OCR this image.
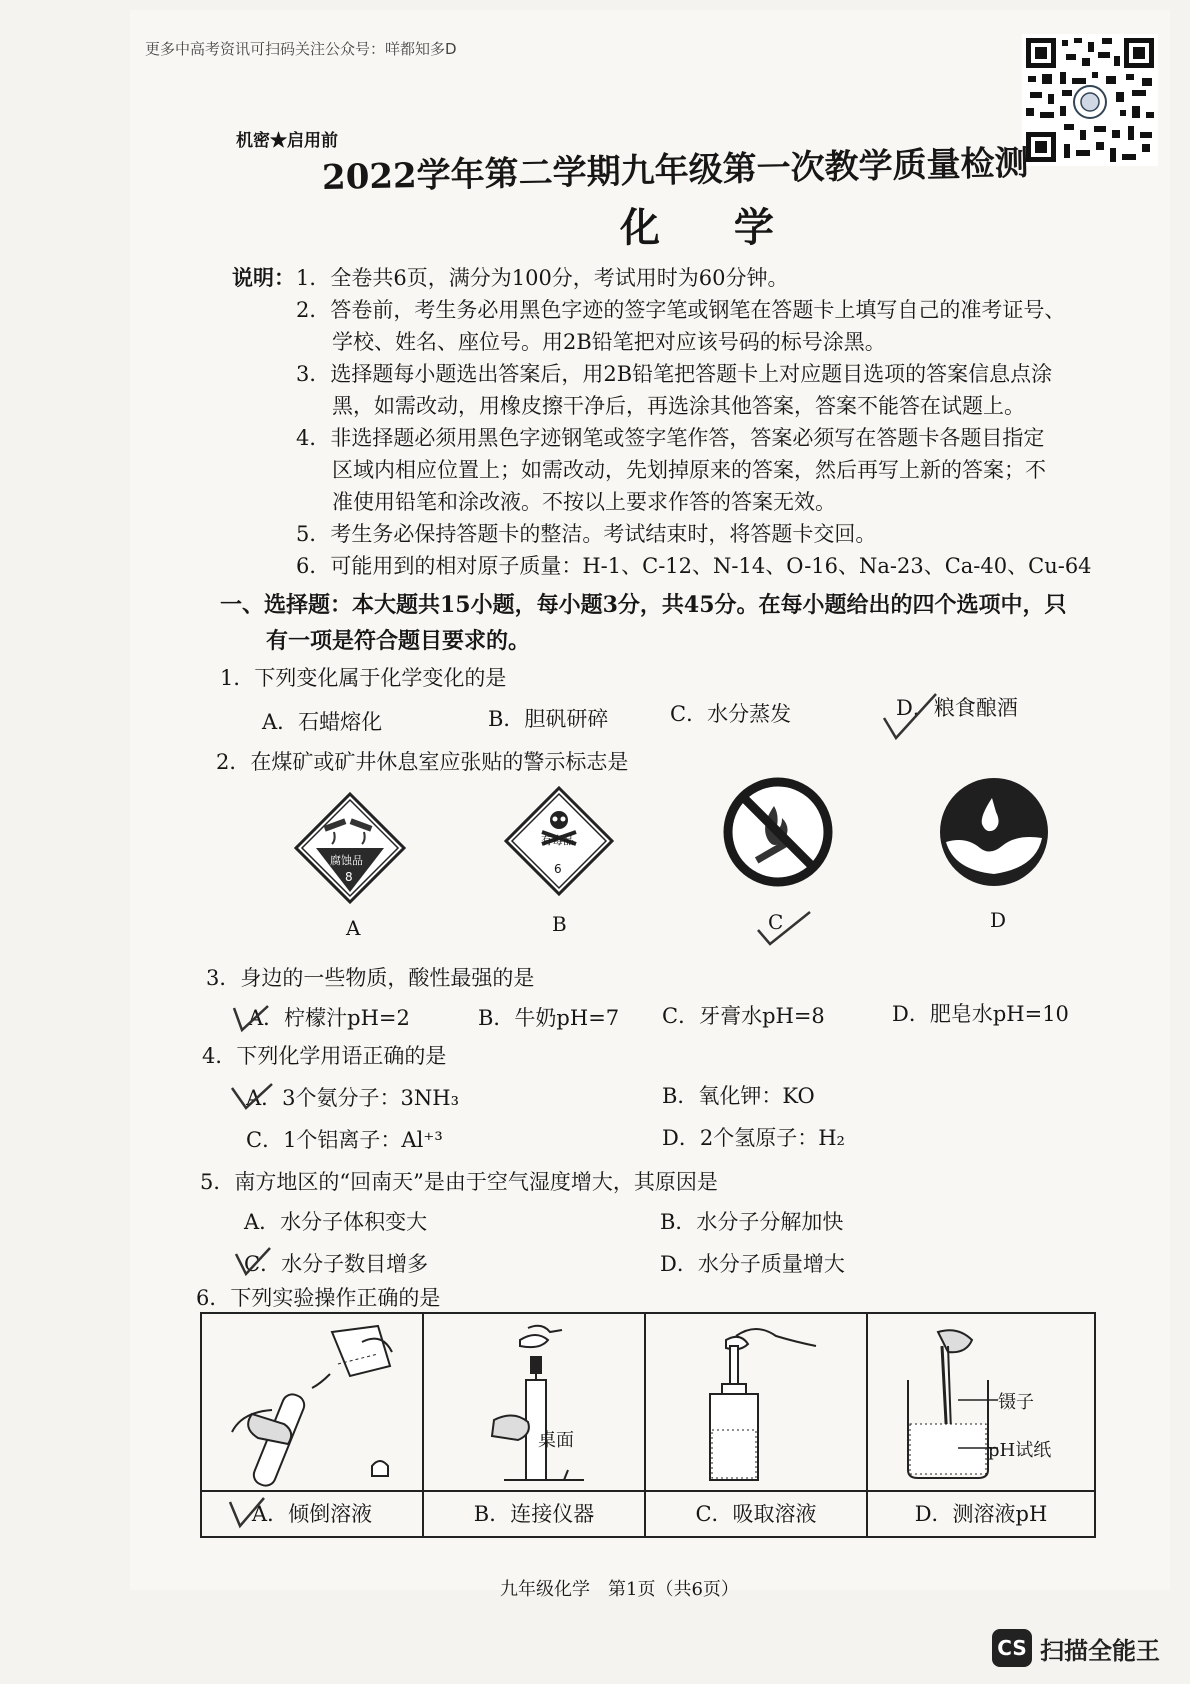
更多中高考资讯可扫码关注公众号：咩都知多D
机密★启用前
2022学年第二学期九年级第一次教学质量检测
化 学
说明： 1．全卷共6页，满分为100分，考试用时为60分钟。
2．答卷前，考生务必用黑色字迹的签字笔或钢笔在答题卡上填写自己的准考证号、
学校、姓名、座位号。用2B铅笔把对应该号码的标号涂黑。
3．选择题每小题选出答案后，用2B铅笔把答题卡上对应题目选项的答案信息点涂
黑，如需改动，用橡皮擦干净后，再选涂其他答案，答案不能答在试题上。
4．非选择题必须用黑色字迹钢笔或签字笔作答，答案必须写在答题卡各题目指定
区域内相应位置上；如需改动，先划掉原来的答案，然后再写上新的答案；不
准使用铅笔和涂改液。不按以上要求作答的答案无效。
5．考生务必保持答题卡的整洁。考试结束时，将答题卡交回。
6．可能用到的相对原子质量：H-1、C-12、N-14、O-16、Na-23、Ca-40、Cu-64
一、选择题：本大题共15小题，每小题3分，共45分。在每小题给出的四个选项中，只
有一项是符合题目要求的。
1．下列变化属于化学变化的是
A．石蜡熔化	B．胆矾研碎	C．水分蒸发	D．粮食酿酒
2．在煤矿或矿井休息室应张贴的警示标志是
腐蚀品
8
有毒品
6
A	B	C	D
3．身边的一些物质，酸性最强的是
A．柠檬汁pH=2	B．牛奶pH=7 C．牙膏水pH=8	D．肥皂水pH=10
4．下列化学用语正确的是
A．3个氨分子：3NH₃	B．氧化钾：KO
C．1个铝离子：Al⁺³	D．2个氢原子：H₂
5．南方地区的“回南天”是由于空气湿度增大，其原因是
A．水分子体积变大	B．水分子分解加快
C．水分子数目增多	D．水分子质量增大
6．下列实验操作正确的是
A．倾倒溶液
桌面
B．连接仪器	C．吸取溶液
镊子
pH试纸
D．测溶液pH
九年级化学　第1页（共6页）
CS 扫描全能王
